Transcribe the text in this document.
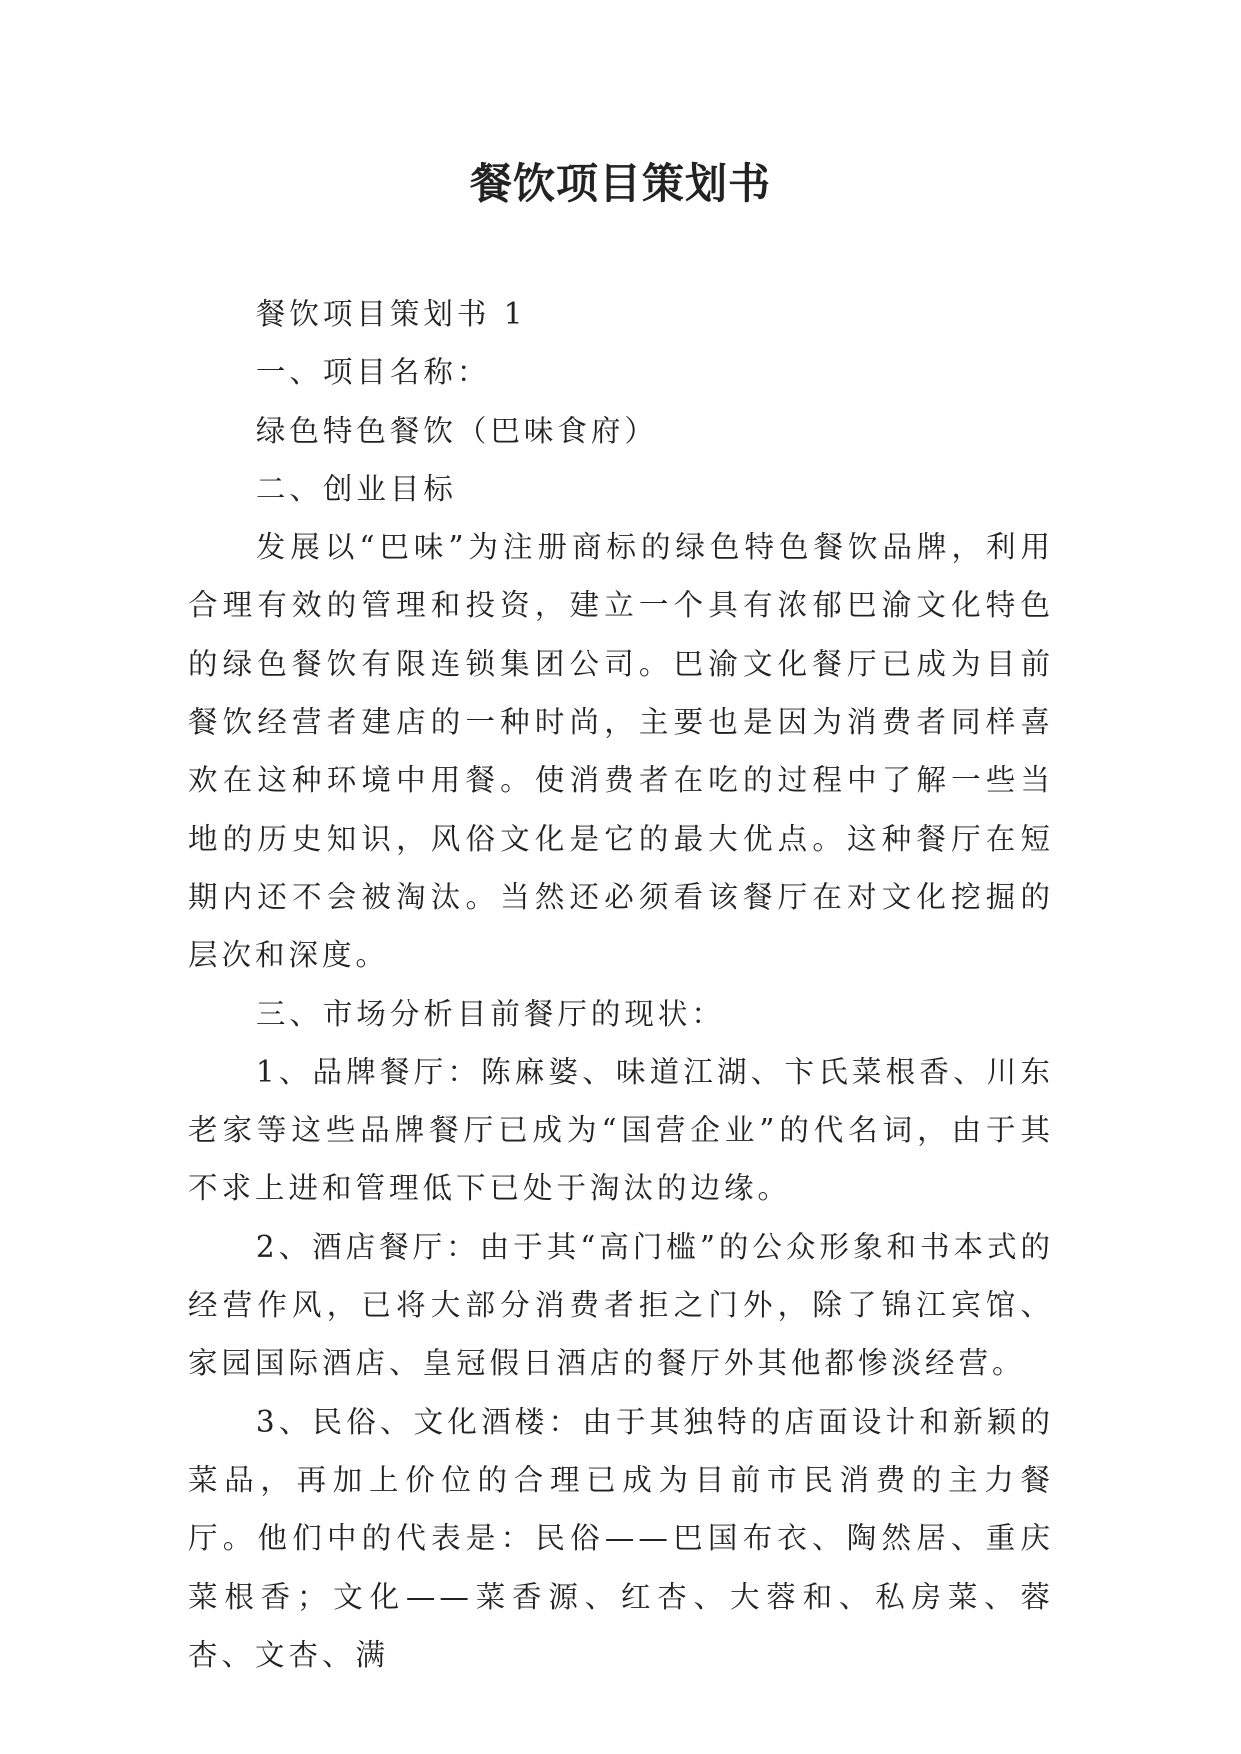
餐饮项目策划书

餐饮项目策划书 1

一、项目名称：

绿色特色餐饮（巴味食府）

二、创业目标

发展以“巴味”为注册商标的绿色特色餐饮品牌，利用合理有效的管理和投资，建立一个具有浓郁巴渝文化特色的绿色餐饮有限连锁集团公司。巴渝文化餐厅已成为目前餐饮经营者建店的一种时尚，主要也是因为消费者同样喜欢在这种环境中用餐。使消费者在吃的过程中了解一些当地的历史知识，风俗文化是它的最大优点。这种餐厅在短期内还不会被淘汰。当然还必须看该餐厅在对文化挖掘的层次和深度。

三、市场分析目前餐厅的现状：

1、品牌餐厅：陈麻婆、味道江湖、卞氏菜根香、川东老家等这些品牌餐厅已成为“国营企业”的代名词，由于其不求上进和管理低下已处于淘汰的边缘。

2、酒店餐厅：由于其“高门槛”的公众形象和书本式的经营作风，已将大部分消费者拒之门外，除了锦江宾馆、家园国际酒店、皇冠假日酒店的餐厅外其他都惨淡经营。

3、民俗、文化酒楼：由于其独特的店面设计和新颖的菜品，再加上价位的合理已成为目前市民消费的主力餐厅。他们中的代表是：民俗——巴国布衣、陶然居、重庆菜根香；文化——菜香源、红杏、大蓉和、私房菜、蓉杏、文杏、满
